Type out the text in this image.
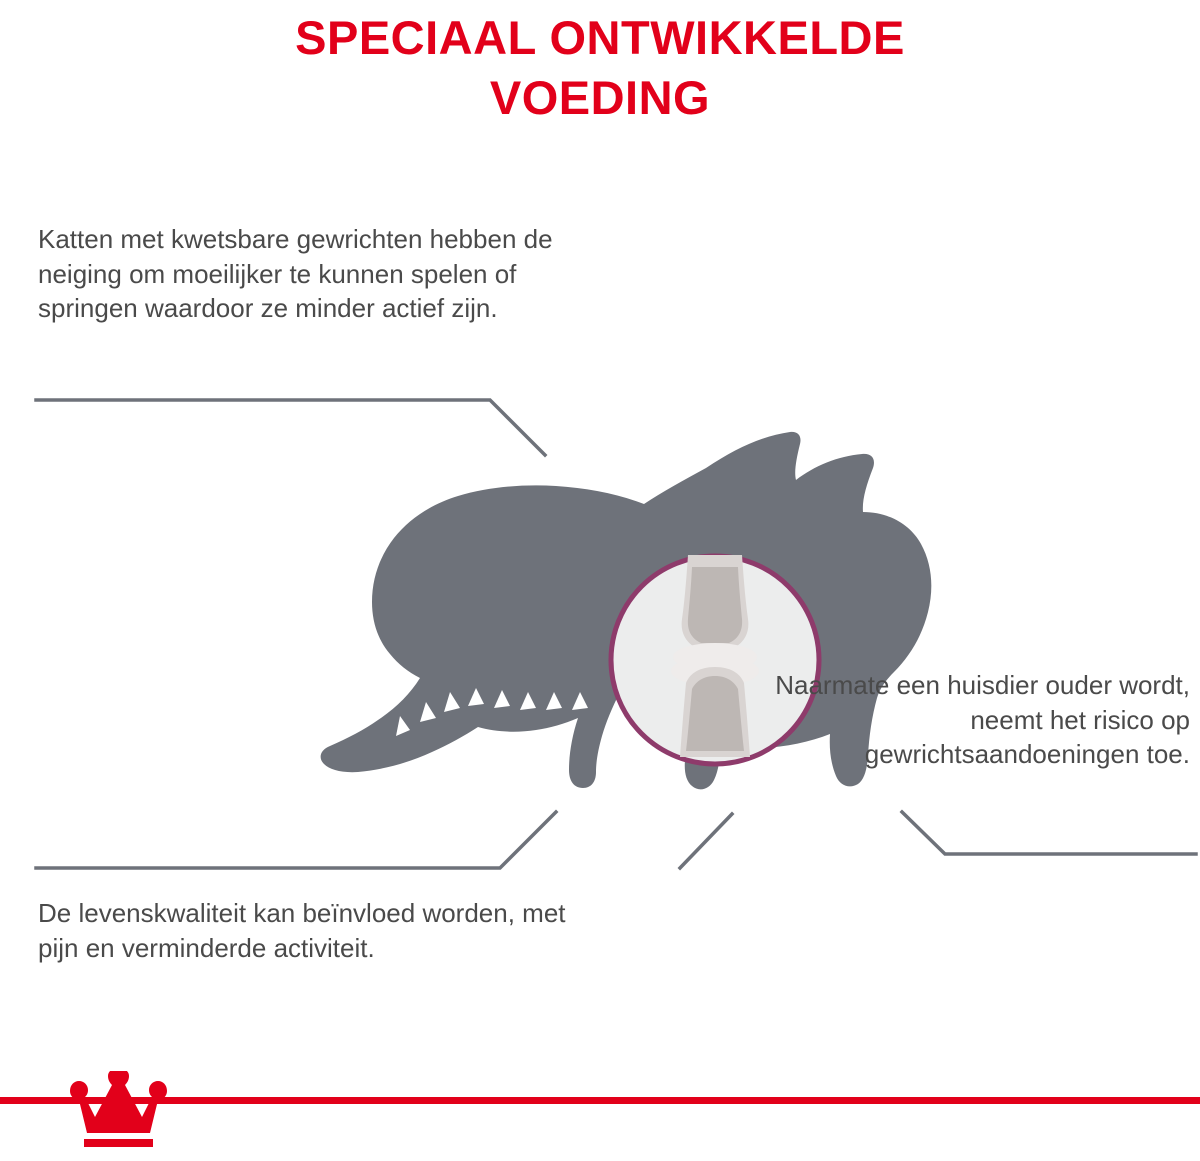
SPECIAAL ONTWIKKELDE
VOEDING
Katten met kwetsbare gewrichten hebben de neiging om moeilijker te kunnen spelen of springen waardoor ze minder actief zijn.
Naarmate een huisdier ouder wordt, neemt het risico op gewrichtsaandoeningen toe.
De levenskwaliteit kan beïnvloed worden, met pijn en verminderde activiteit.
